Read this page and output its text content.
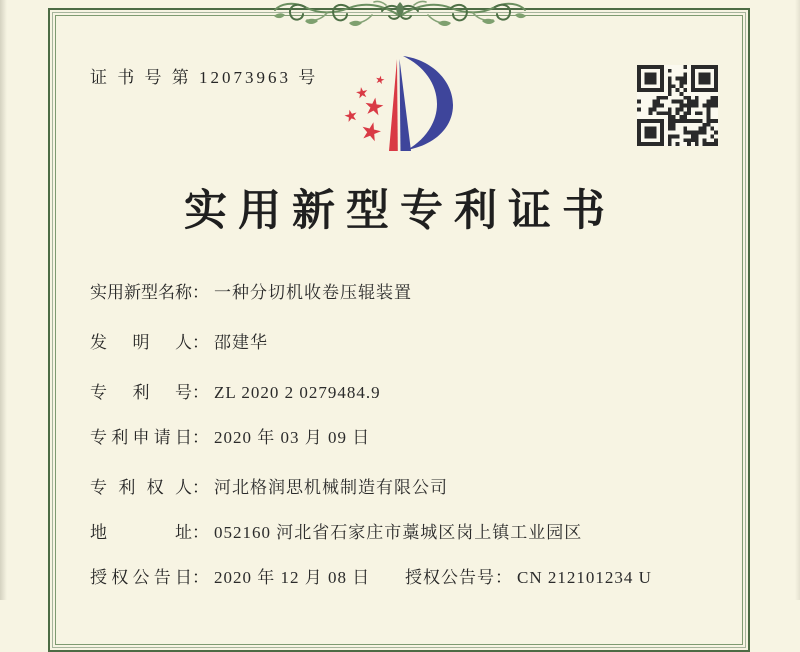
证 书 号 第 12073963 号
实用新型专利证书
实用新型名称： 一种分切机收卷压辊装置
发明人： 邵建华
专利号： ZL 2020 2 0279484.9
专利申请日： 2020 年 03 月 09 日
专利权人： 河北格润思机械制造有限公司
地址： 052160 河北省石家庄市藁城区岗上镇工业园区
授权公告日： 2020 年 12 月 08 日 授权公告号： CN 212101234 U
